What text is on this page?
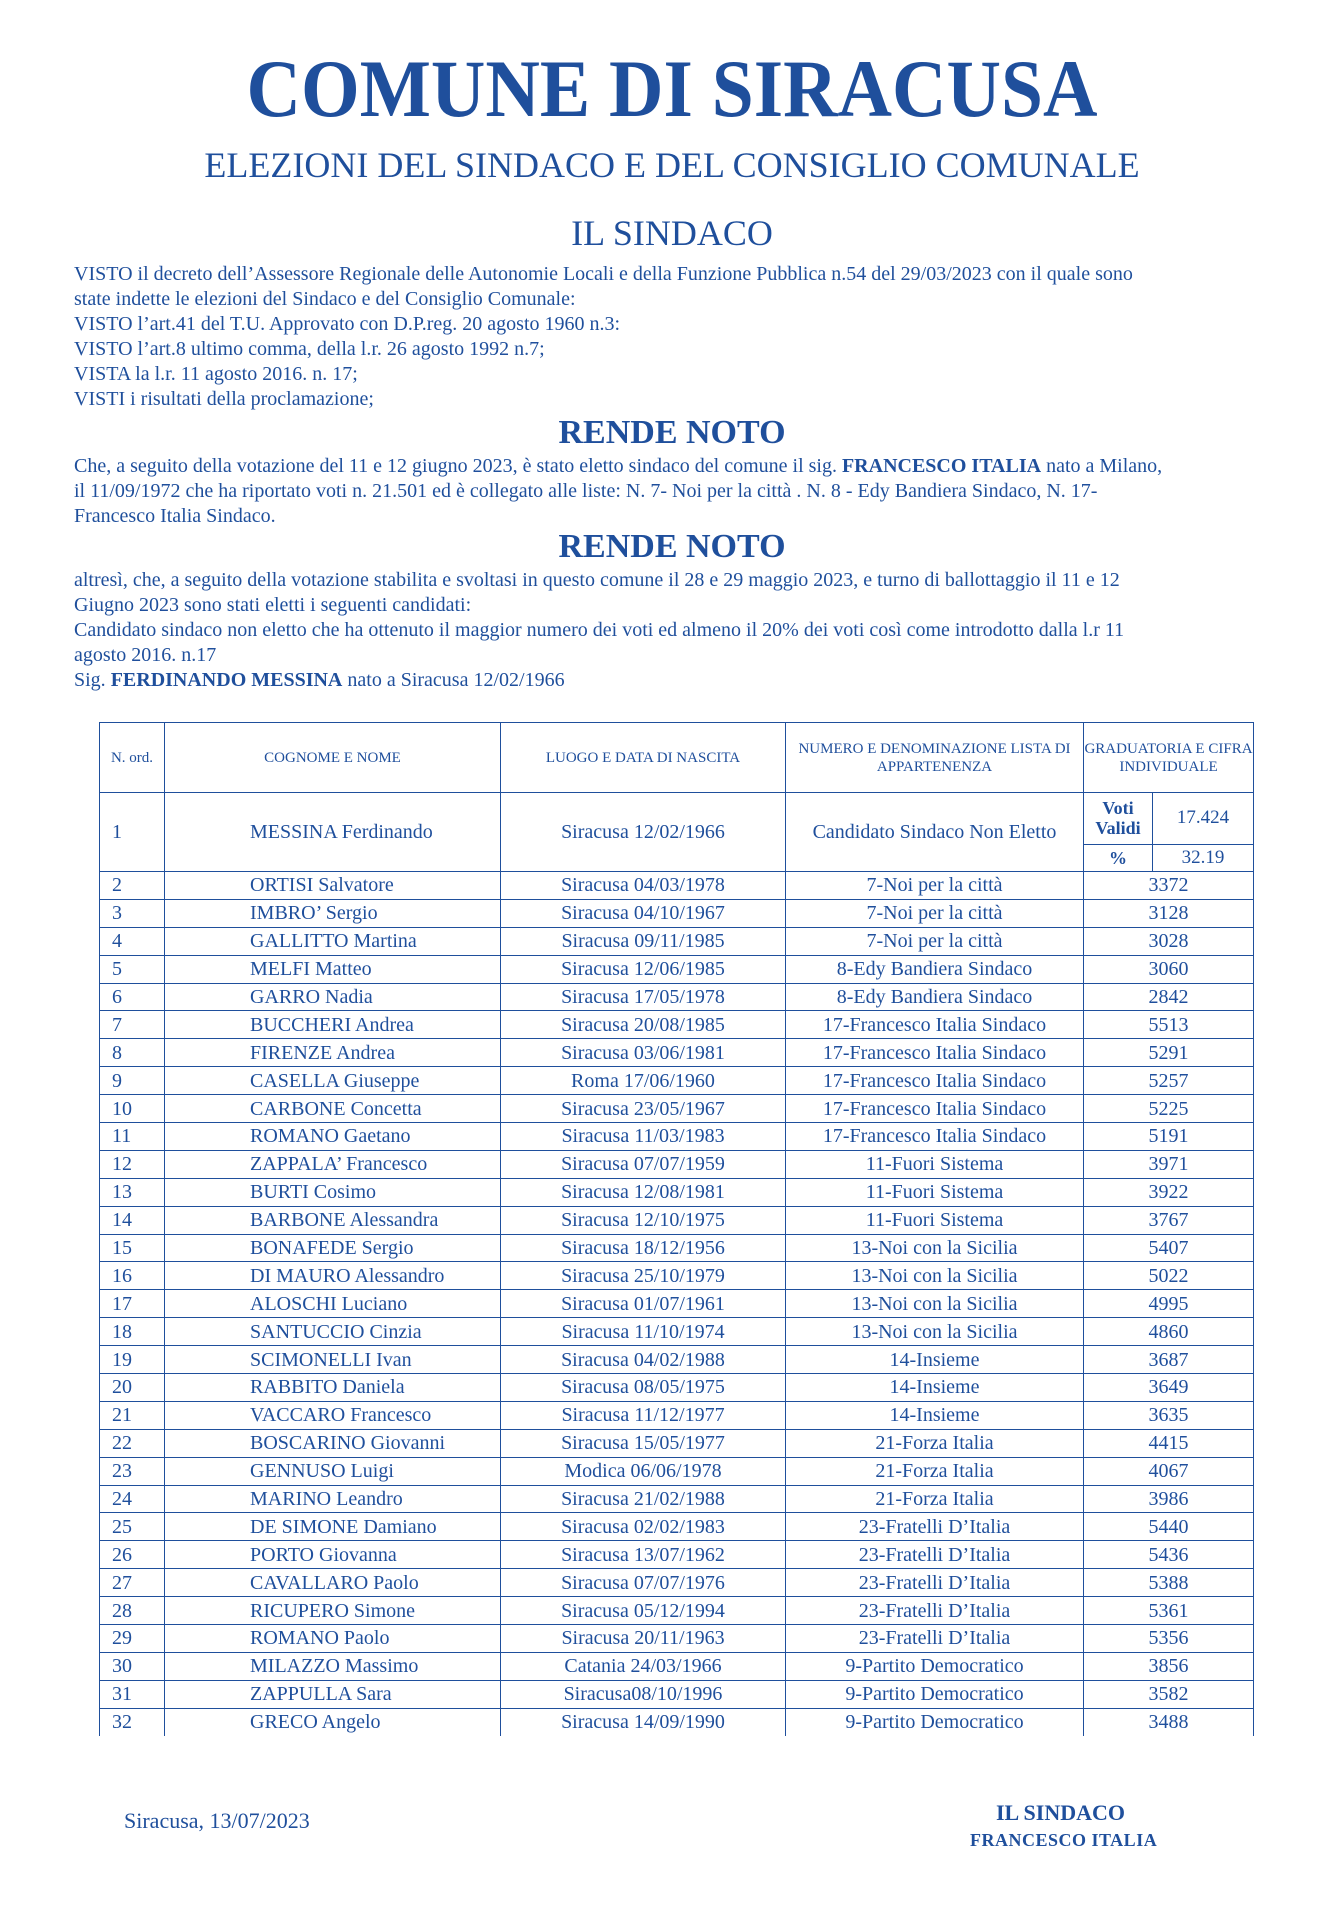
COMUNE DI SIRACUSA
ELEZIONI DEL SINDACO E DEL CONSIGLIO COMUNALE
IL SINDACO
VISTO il decreto dell’Assessore Regionale delle Autonomie Locali e della Funzione Pubblica n.54 del 29/03/2023 con il quale sono
state indette le elezioni del Sindaco e del Consiglio Comunale:
VISTO l’art.41 del T.U. Approvato con D.P.reg. 20 agosto 1960 n.3:
VISTO l’art.8 ultimo comma, della l.r. 26 agosto 1992 n.7;
VISTA la l.r. 11 agosto 2016. n. 17;
VISTI i risultati della proclamazione;
RENDE NOTO
Che, a seguito della votazione del 11 e 12 giugno 2023, è stato eletto sindaco del comune il sig. FRANCESCO ITALIA nato a Milano,
il 11/09/1972 che ha riportato voti n. 21.501 ed è collegato alle liste: N. 7- Noi per la città . N. 8 - Edy Bandiera Sindaco, N. 17-
Francesco Italia Sindaco.
RENDE NOTO
altresì, che, a seguito della votazione stabilita e svoltasi in questo comune il 28 e 29 maggio 2023, e turno di ballottaggio il 11 e 12
Giugno 2023 sono stati eletti i seguenti candidati:
Candidato sindaco non eletto che ha ottenuto il maggior numero dei voti ed almeno il 20% dei voti così come introdotto dalla l.r 11
agosto 2016. n.17
Sig. FERDINANDO MESSINA nato a Siracusa 12/02/1966
N. ord.	COGNOME E NOME	LUOGO E DATA DI NASCITA	NUMERO E DENOMINAZIONE LISTA DI APPARTENENZA	GRADUATORIA E CIFRA INDIVIDUALE
1	MESSINA Ferdinando	Siracusa 12/02/1966	Candidato Sindaco Non Eletto	
Voti Validi	17.424
%	32.19

2	ORTISI Salvatore	Siracusa 04/03/1978	7-Noi per la città	3372
3	IMBRO’ Sergio	Siracusa 04/10/1967	7-Noi per la città	3128
4	GALLITTO Martina	Siracusa 09/11/1985	7-Noi per la città	3028
5	MELFI Matteo	Siracusa 12/06/1985	8-Edy Bandiera Sindaco	3060
6	GARRO Nadia	Siracusa 17/05/1978	8-Edy Bandiera Sindaco	2842
7	BUCCHERI Andrea	Siracusa 20/08/1985	17-Francesco Italia Sindaco	5513
8	FIRENZE Andrea	Siracusa 03/06/1981	17-Francesco Italia Sindaco	5291
9	CASELLA Giuseppe	Roma 17/06/1960	17-Francesco Italia Sindaco	5257
10	CARBONE Concetta	Siracusa 23/05/1967	17-Francesco Italia Sindaco	5225
11	ROMANO Gaetano	Siracusa 11/03/1983	17-Francesco Italia Sindaco	5191
12	ZAPPALA’ Francesco	Siracusa 07/07/1959	11-Fuori Sistema	3971
13	BURTI Cosimo	Siracusa 12/08/1981	11-Fuori Sistema	3922
14	BARBONE Alessandra	Siracusa 12/10/1975	11-Fuori Sistema	3767
15	BONAFEDE Sergio	Siracusa 18/12/1956	13-Noi con la Sicilia	5407
16	DI MAURO Alessandro	Siracusa 25/10/1979	13-Noi con la Sicilia	5022
17	ALOSCHI Luciano	Siracusa 01/07/1961	13-Noi con la Sicilia	4995
18	SANTUCCIO Cinzia	Siracusa 11/10/1974	13-Noi con la Sicilia	4860
19	SCIMONELLI Ivan	Siracusa 04/02/1988	14-Insieme	3687
20	RABBITO Daniela	Siracusa 08/05/1975	14-Insieme	3649
21	VACCARO Francesco	Siracusa 11/12/1977	14-Insieme	3635
22	BOSCARINO Giovanni	Siracusa 15/05/1977	21-Forza Italia	4415
23	GENNUSO Luigi	Modica 06/06/1978	21-Forza Italia	4067
24	MARINO Leandro	Siracusa 21/02/1988	21-Forza Italia	3986
25	DE SIMONE Damiano	Siracusa 02/02/1983	23-Fratelli D’Italia	5440
26	PORTO Giovanna	Siracusa 13/07/1962	23-Fratelli D’Italia	5436
27	CAVALLARO Paolo	Siracusa 07/07/1976	23-Fratelli D’Italia	5388
28	RICUPERO Simone	Siracusa 05/12/1994	23-Fratelli D’Italia	5361
29	ROMANO Paolo	Siracusa 20/11/1963	23-Fratelli D’Italia	5356
30	MILAZZO Massimo	Catania 24/03/1966	9-Partito Democratico	3856
31	ZAPPULLA Sara	Siracusa08/10/1996	9-Partito Democratico	3582
32	GRECO Angelo	Siracusa 14/09/1990	9-Partito Democratico	3488
Siracusa, 13/07/2023	IL SINDACO
FRANCESCO ITALIA
